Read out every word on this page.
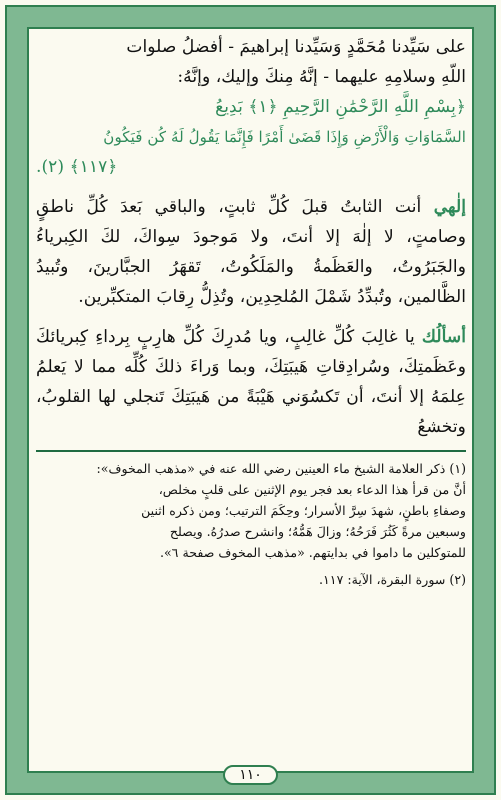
على سَيِّدنا مُحَمَّدٍ وَسَيِّدنا إبراهيمَ - أفضلُ صلوات
اللّهِ وسلامِهِ عليهما - إنَّهُ مِنكَ وإليك، وإنَّهُ:
﴿بِسْمِ اللَّهِ الرَّحْمَٰنِ الرَّحِيمِ ﴿١﴾ بَدِيعُ
السَّمَاوَاتِ وَالْأَرْضِ وَإِذَا قَضَىٰ أَمْرًا فَإِنَّمَا يَقُولُ لَهُ كُن فَيَكُونُ
﴿١١٧﴾ (٢).

إلٰهي أنت الثابتُ قبلَ كُلِّ ثابتٍ، والباقي بَعدَ كُلِّ ناطقٍ وصامتٍ، لا إلٰهَ إلا أنتَ، ولا مَوجودَ سِواكَ، لكَ الكِبرياءُ والجَبَرُوتُ، والعَظَمةُ والمَلَكُوتُ، تَقهَرُ الجبَّارينَ، وتُبيدُ الظَّالمين، وتُبدِّدُ شَمْلَ المُلحِدِين، وتُذِلُّ رِقابَ المتكبِّرين.

أسألُك يا غالِبَ كُلِّ غالِبٍ، ويا مُدرِكَ كُلِّ هارِبٍ بِرداءِ كِبريائكَ وعَظَمتِكَ، وسُرادِقاتِ هَيبَتِكَ، وبما وَراءَ ذلكَ كُلِّه مما لا يَعلمُ عِلمَهُ إلا أنتَ، أن تَكسُوَني هَيْبَةً من هَيبَتِكَ تَنجلي لها القلوبُ، وتخشعُ

(١) ذكر العلامة الشيخ ماء العينين رضي الله عنه في «مذهب المخوف»:
أنَّ من قرأ هذا الدعاء بعد فجر يوم الإثنين على قلبٍ مخلص،
وصفاءِ باطنٍ، شهدَ سِرَّ الأسرار؛ وحِكَمَ الترتيب؛ ومن ذكره اثنين
وسبعين مرةً كَثُرَ فَرَحُهُ؛ وزالَ هَمُّهُ؛ وانشرح صدرُهُ. ويصلح
للمتوكلين ما داموا في بدايتهم. «مذهب المخوف صفحة ٦».
(٢) سورة البقرة، الآية: ١١٧.
١١٠
